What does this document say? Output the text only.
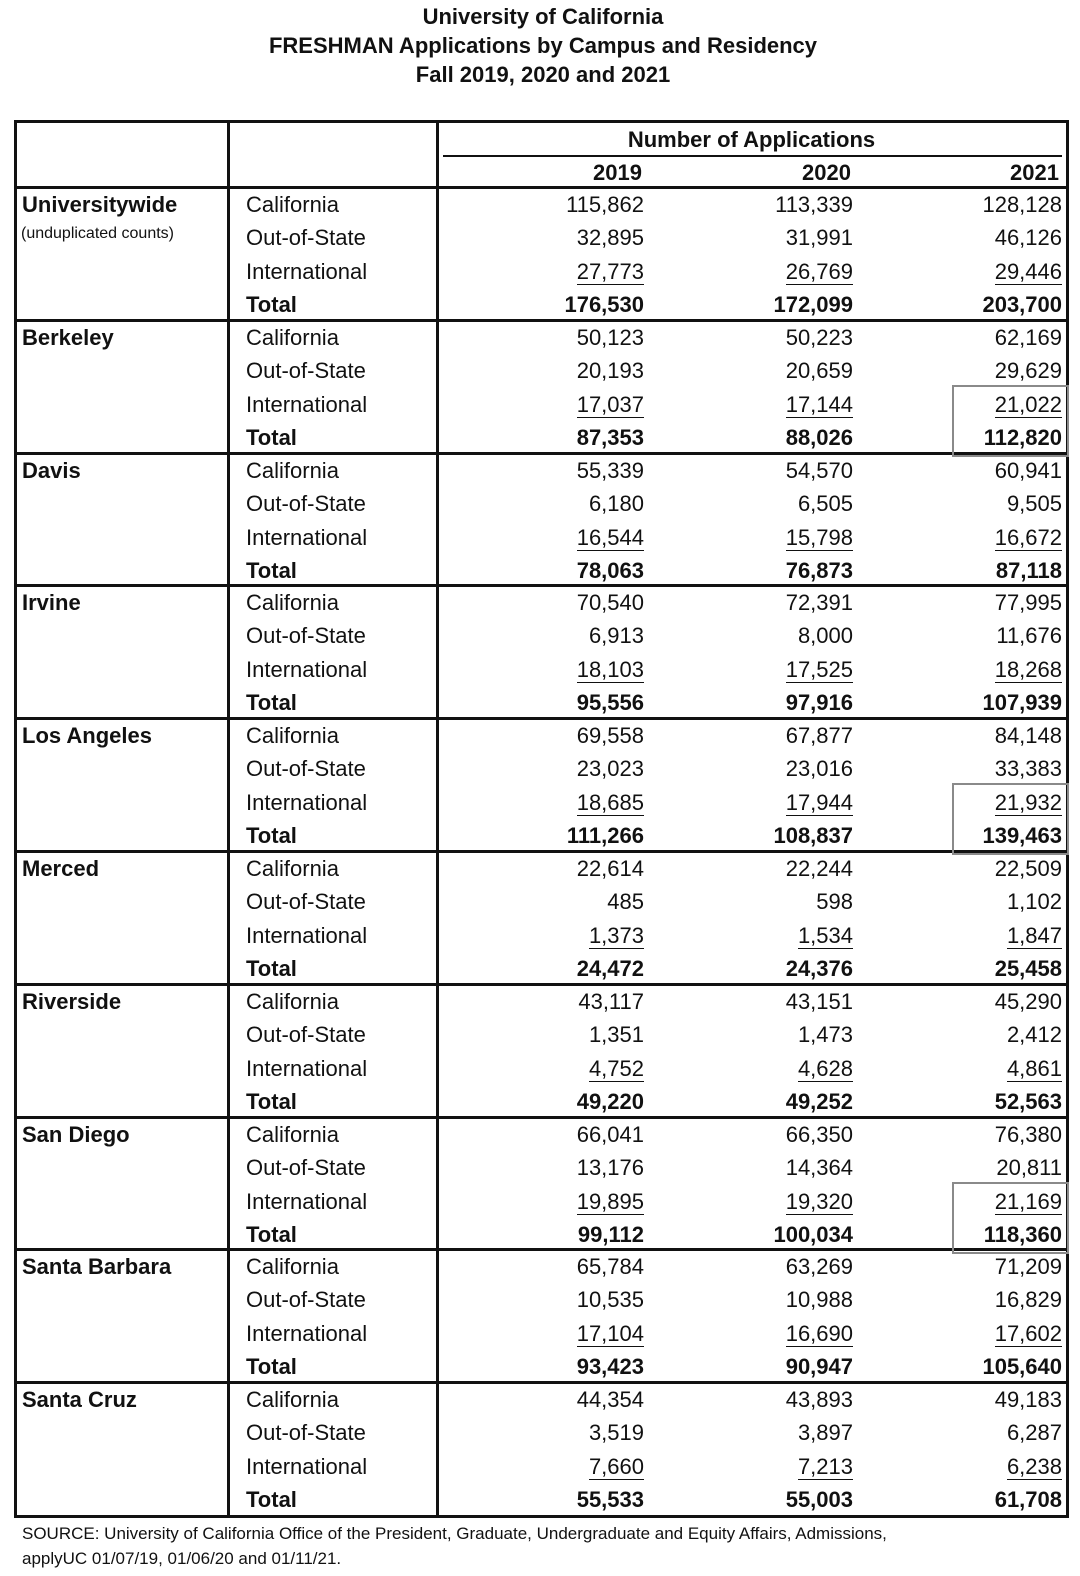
University of California
FRESHMAN Applications by Campus and Residency
Fall 2019, 2020 and 2021
Number of Applications
2019	2020	2021
Universitywide
(unduplicated counts)
California	115,862	113,339	128,128
Out-of-State	32,895	31,991	46,126
International	27,773	26,769	29,446
Total	176,530	172,099	203,700
Berkeley	California	50,123	50,223	62,169
Out-of-State	20,193	20,659	29,629
International	17,037	17,144	21,022
Total	87,353	88,026	112,820
Davis	California	55,339	54,570	60,941
Out-of-State	6,180	6,505	9,505
International	16,544	15,798	16,672
Total	78,063	76,873	87,118
Irvine	California	70,540	72,391	77,995
Out-of-State	6,913	8,000	11,676
International	18,103	17,525	18,268
Total	95,556	97,916	107,939
Los Angeles	California	69,558	67,877	84,148
Out-of-State	23,023	23,016	33,383
International	18,685	17,944	21,932
Total	111,266	108,837	139,463
Merced	California	22,614	22,244	22,509
Out-of-State	485	598	1,102
International	1,373	1,534	1,847
Total	24,472	24,376	25,458
Riverside	California	43,117	43,151	45,290
Out-of-State	1,351	1,473	2,412
International	4,752	4,628	4,861
Total	49,220	49,252	52,563
San Diego	California	66,041	66,350	76,380
Out-of-State	13,176	14,364	20,811
International	19,895	19,320	21,169
Total	99,112	100,034	118,360
Santa Barbara	California	65,784	63,269	71,209
Out-of-State	10,535	10,988	16,829
International	17,104	16,690	17,602
Total	93,423	90,947	105,640
Santa Cruz	California	44,354	43,893	49,183
Out-of-State	3,519	3,897	6,287
International	7,660	7,213	6,238
Total	55,533	55,003	61,708
SOURCE: University of California Office of the President, Graduate, Undergraduate and Equity Affairs, Admissions,
applyUC 01/07/19, 01/06/20 and 01/11/21.
